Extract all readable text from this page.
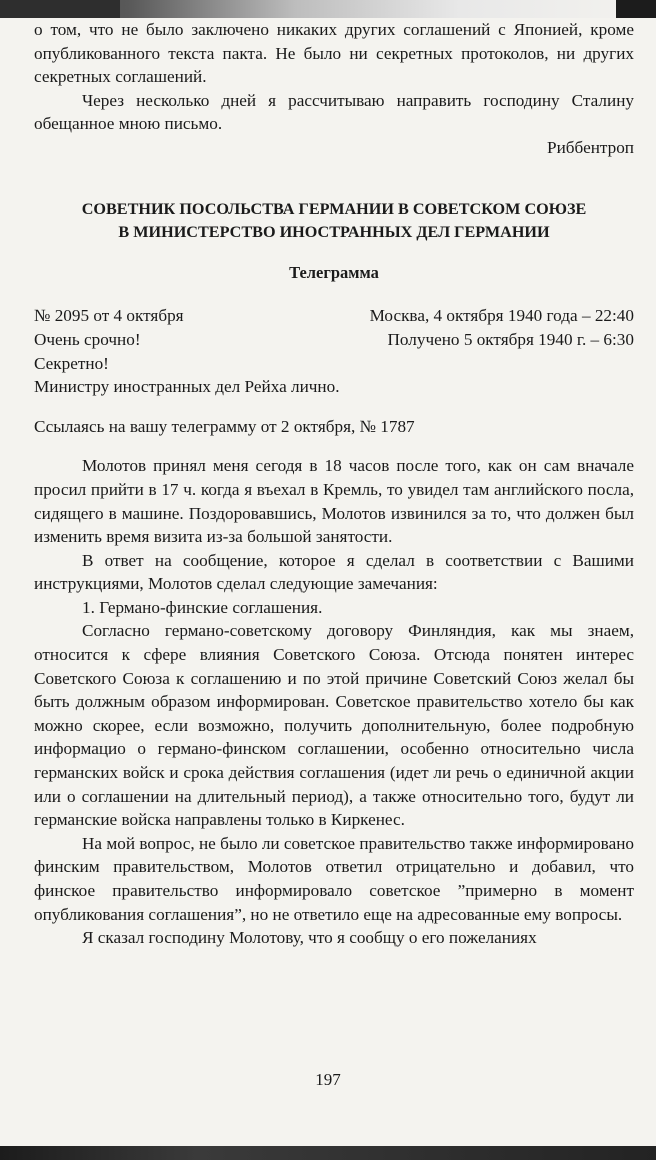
о том, что не было заключено никаких других соглашений с Японией, кроме опубликованного текста пакта. Не было ни секретных протоколов, ни других секретных соглашений.

Через несколько дней я рассчитываю направить господину Сталину обещанное мною письмо.

Риббентроп

СОВЕТНИК ПОСОЛЬСТВА ГЕРМАНИИ В СОВЕТСКОМ СОЮЗЕ
В МИНИСТЕРСТВО ИНОСТРАННЫХ ДЕЛ ГЕРМАНИИ
Телеграмма
№ 2095 от 4 октября
Очень срочно!
Секретно!
Москва, 4 октября 1940 года – 22:40
Получено 5 октября 1940 г. – 6:30

Министру иностранных дел Рейха лично.

Ссылаясь на вашу телеграмму от 2 октября, № 1787

Молотов принял меня сегодя в 18 часов после того, как он сам вначале просил прийти в 17 ч. когда я въехал в Кремль, то увидел там английского посла, сидящего в машине. Поздоровавшись, Молотов извинился за то, что должен был изменить время визита из-за большой занятости.

В ответ на сообщение, которое я сделал в соответствии с Вашими инструкциями, Молотов сделал следующие замечания:

1. Германо-финские соглашения.

Согласно германо-советскому договору Финляндия, как мы знаем, относится к сфере влияния Советского Союза. Отсюда понятен интерес Советского Союза к соглашению и по этой причине Советский Союз желал бы быть должным образом информирован. Советское правительство хотело бы как можно скорее, если возможно, получить дополнительную, более подробную информацио о германо-финском соглашении, особенно относительно числа германских войск и срока действия соглашения (идет ли речь о единичной акции или о соглашении на длительный период), а также относительно того, будут ли германские войска направлены только в Киркенес.

На мой вопрос, не было ли советское правительство также информировано финским правительством, Молотов ответил отрицательно и добавил, что финское правительство информировало советское ”примерно в момент опубликования соглашения”, но не ответило еще на адресованные ему вопросы.

Я сказал господину Молотову, что я сообщу о его пожеланиях

197
